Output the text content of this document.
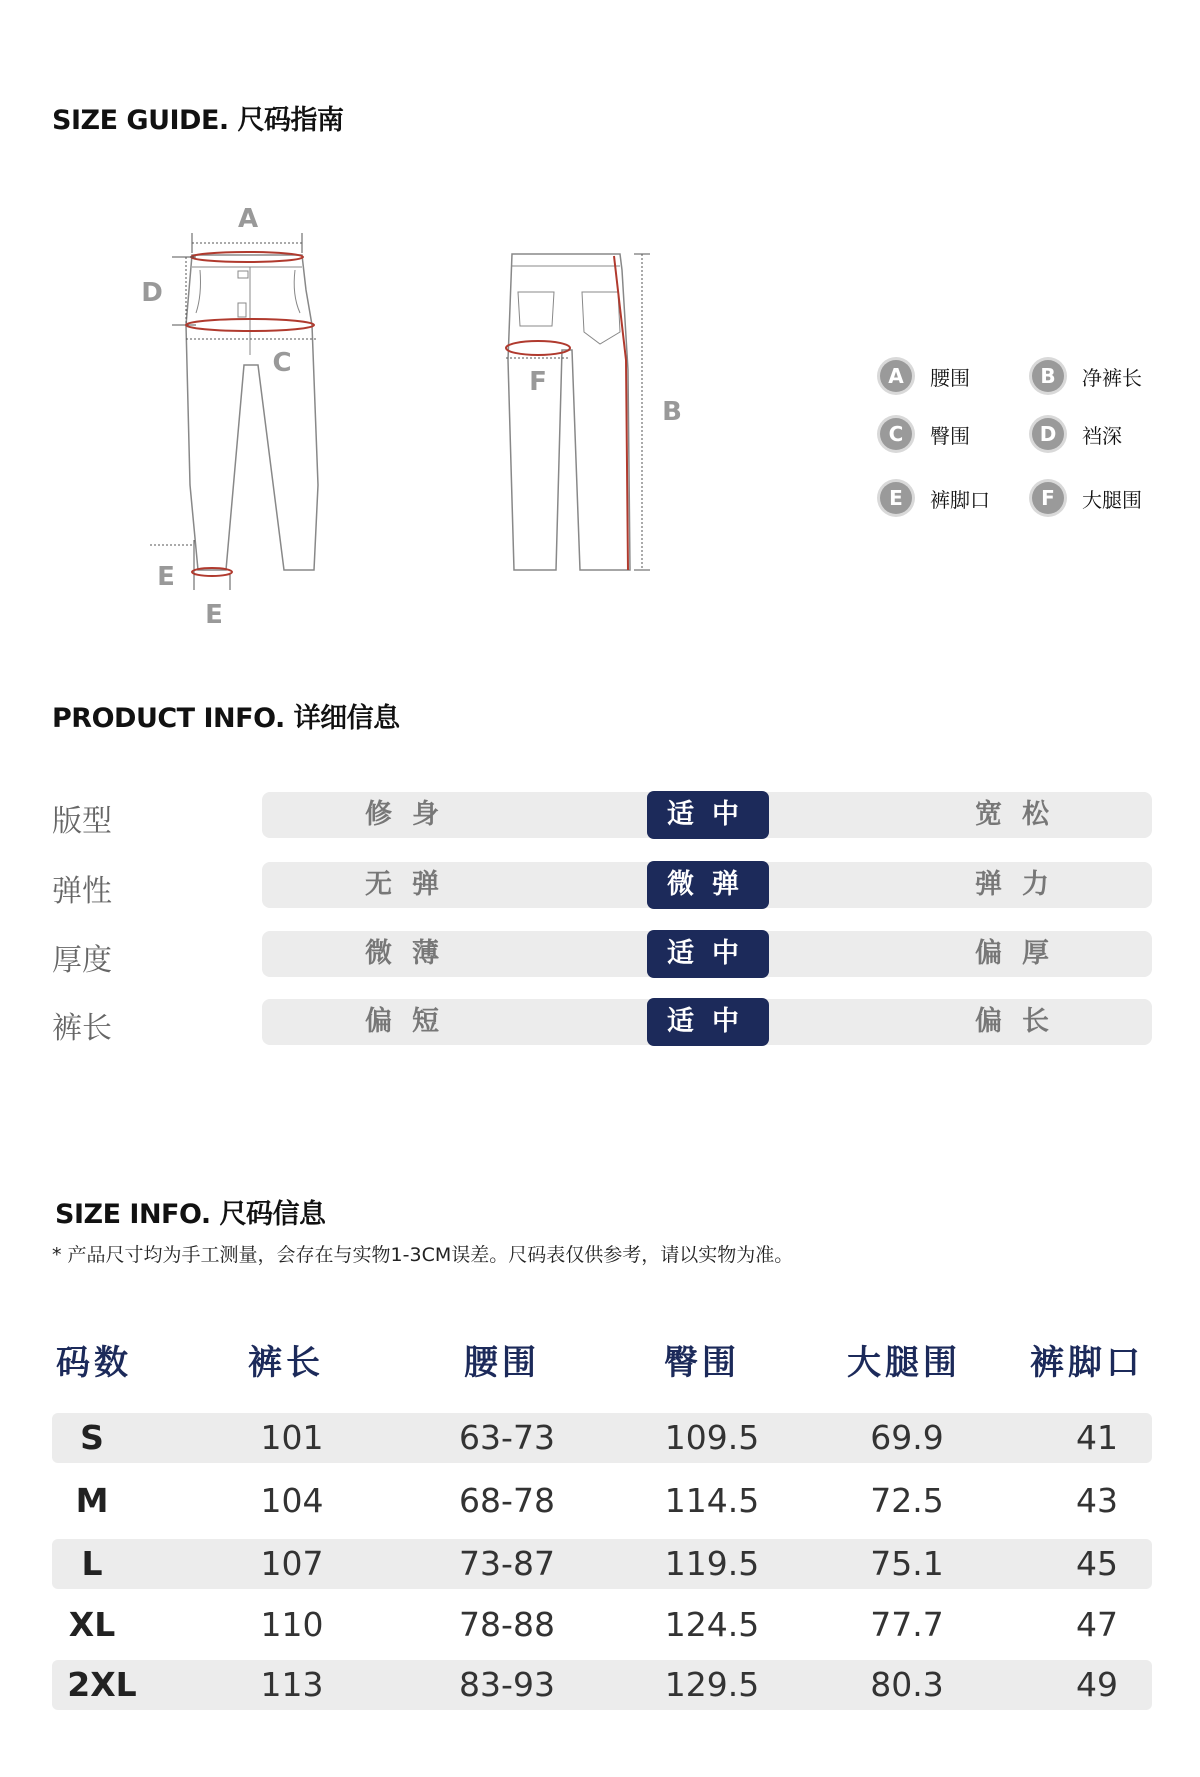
SIZE GUIDE. 尺码指南
A
D
C
E
E
B
F	A	腰围	B	净裤长
C	臀围	D	裆深
E	裤脚口	F	大腿围
PRODUCT INFO. 详细信息
版型	修身	适中	宽松
弹性	无弹	微弹	弹力
厚度	微薄	适中	偏厚
裤长	偏短	适中	偏长
SIZE INFO. 尺码信息
* 产品尺寸均为手工测量，会存在与实物1-3CM误差。尺码表仅供参考，请以实物为准。
码数	裤长	腰围	臀围	大腿围 裤脚口
S	101	63-73	109.5	69.9	41
M	104	68-78	114.5	72.5	43
L	107	73-87	119.5	75.1	45
XL	110	78-88	124.5	77.7	47
2XL	113	83-93	129.5	80.3	49
